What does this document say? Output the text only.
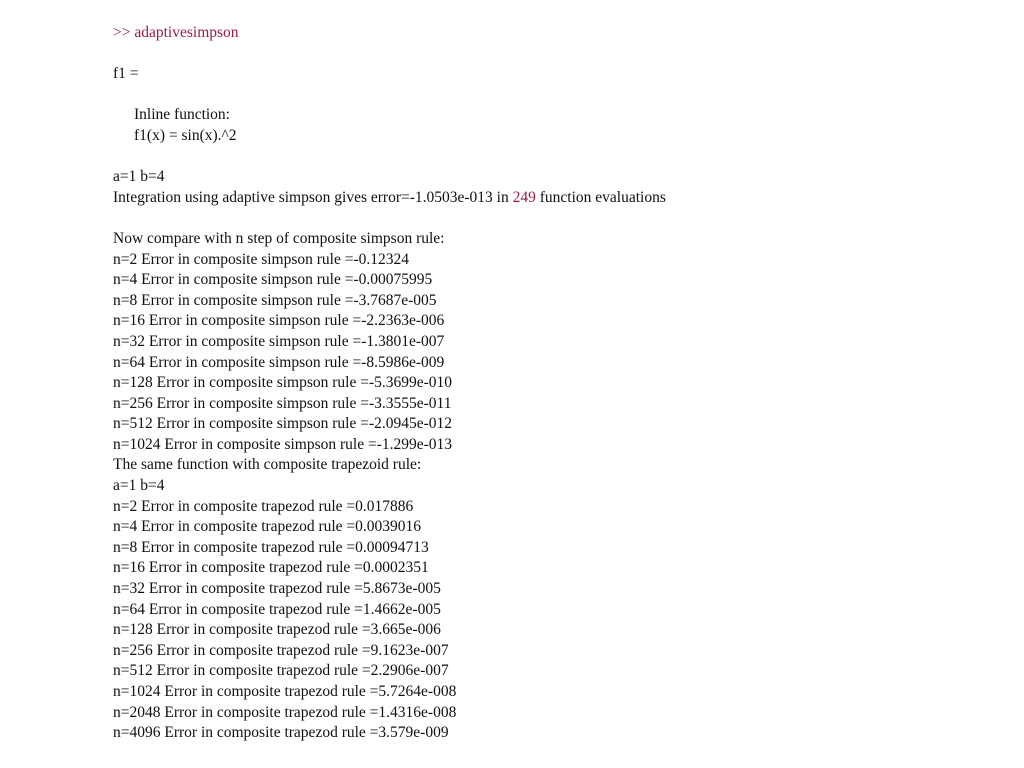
>> adaptivesimpson
f1 =
Inline function:
f1(x) = sin(x).^2
a=1 b=4
Integration using adaptive simpson gives error=-1.0503e-013 in 249 function evaluations
Now compare with n step of composite simpson rule:
n=2 Error in composite simpson rule =-0.12324
n=4 Error in composite simpson rule =-0.00075995
n=8 Error in composite simpson rule =-3.7687e-005
n=16 Error in composite simpson rule =-2.2363e-006
n=32 Error in composite simpson rule =-1.3801e-007
n=64 Error in composite simpson rule =-8.5986e-009
n=128 Error in composite simpson rule =-5.3699e-010
n=256 Error in composite simpson rule =-3.3555e-011
n=512 Error in composite simpson rule =-2.0945e-012
n=1024 Error in composite simpson rule =-1.299e-013
The same function with composite trapezoid rule:
a=1 b=4
n=2 Error in composite trapezod rule =0.017886
n=4 Error in composite trapezod rule =0.0039016
n=8 Error in composite trapezod rule =0.00094713
n=16 Error in composite trapezod rule =0.0002351
n=32 Error in composite trapezod rule =5.8673e-005
n=64 Error in composite trapezod rule =1.4662e-005
n=128 Error in composite trapezod rule =3.665e-006
n=256 Error in composite trapezod rule =9.1623e-007
n=512 Error in composite trapezod rule =2.2906e-007
n=1024 Error in composite trapezod rule =5.7264e-008
n=2048 Error in composite trapezod rule =1.4316e-008
n=4096 Error in composite trapezod rule =3.579e-009
